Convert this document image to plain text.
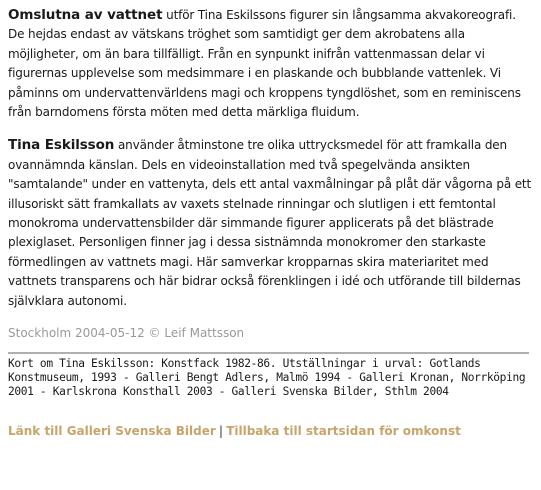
Omslutna av vattnet utför Tina Eskilssons figurer sin långsamma akvakoreografi. De hejdas endast av vätskans tröghet som samtidigt ger dem akrobatens alla möjligheter, om än bara tillfälligt. Från en synpunkt inifrån vattenmassan delar vi figurernas upplevelse som medsimmare i en plaskande och bubblande vattenlek. Vi påminns om undervattenvärldens magi och kroppens tyngdlöshet, som en reminiscens från barndomens första möten med detta märkliga fluidum.

Tina Eskilsson använder åtminstone tre olika uttrycksmedel för att framkalla den ovannämnda känslan. Dels en videoinstallation med två spegelvända ansikten "samtalande" under en vattenyta, dels ett antal vaxmålningar på plåt där vågorna på ett illusoriskt sätt framkallats av vaxets stelnade rinningar och slutligen i ett femtontal monokroma undervattensbilder där simmande figurer applicerats på det blästrade plexiglaset. Personligen finner jag i dessa sistnämnda monokromer den starkaste förmedlingen av vattnets magi. Här samverkar kropparnas skira materiaritet med vattnets transparens och här bidrar också förenklingen i idé och utförande till bildernas självklara autonomi.

Stockholm 2004-05-12 © Leif Mattsson

Kort om Tina Eskilsson: Konstfack 1982-86. Utställningar i urval: Gotlands Konstmuseum, 1993 - Galleri Bengt Adlers, Malmö 1994 - Galleri Kronan, Norrköping 2001 - Karlskrona Konsthall 2003 - Galleri Svenska Bilder, Sthlm 2004

Länk till Galleri Svenska Bilder | Tillbaka till startsidan för omkonst
